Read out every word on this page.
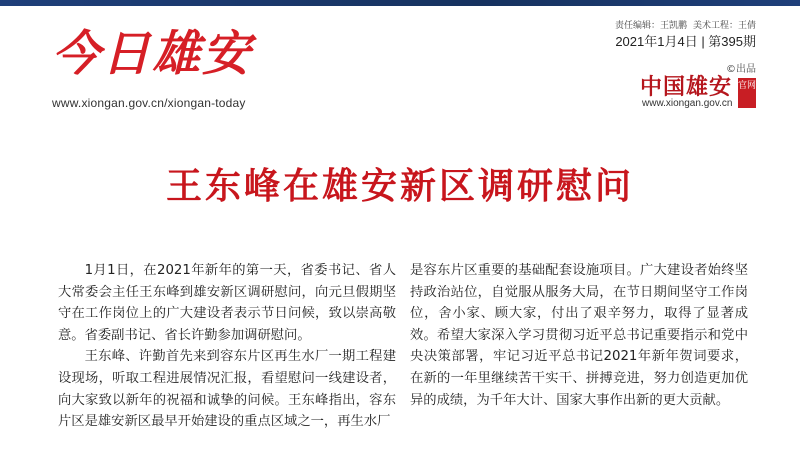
今日雄安
www.xiongan.gov.cn/xiongan-today
责任编辑：王凯鹏 美术工程：王倩
2021年1月4日 | 第395期
©出品
中国雄安 官网
www.xiongan.gov.cn
王东峰在雄安新区调研慰问

1月1日，在2021年新年的第一天，省委书记、省人大常委会主任王东峰到雄安新区调研慰问，向元旦假期坚守在工作岗位上的广大建设者表示节日问候，致以崇高敬意。省委副书记、省长许勤参加调研慰问。

王东峰、许勤首先来到容东片区再生水厂一期工程建设现场，听取工程进展情况汇报，看望慰问一线建设者，向大家致以新年的祝福和诚挚的问候。王东峰指出，容东片区是雄安新区最早开始建设的重点区域之一，再生水厂

是容东片区重要的基础配套设施项目。广大建设者始终坚持政治站位，自觉服从服务大局，在节日期间坚守工作岗位，舍小家、顾大家，付出了艰辛努力，取得了显著成效。希望大家深入学习贯彻习近平总书记重要指示和党中央决策部署，牢记习近平总书记2021年新年贺词要求，在新的一年里继续苦干实干、拼搏竞进，努力创造更加优异的成绩，为千年大计、国家大事作出新的更大贡献。
